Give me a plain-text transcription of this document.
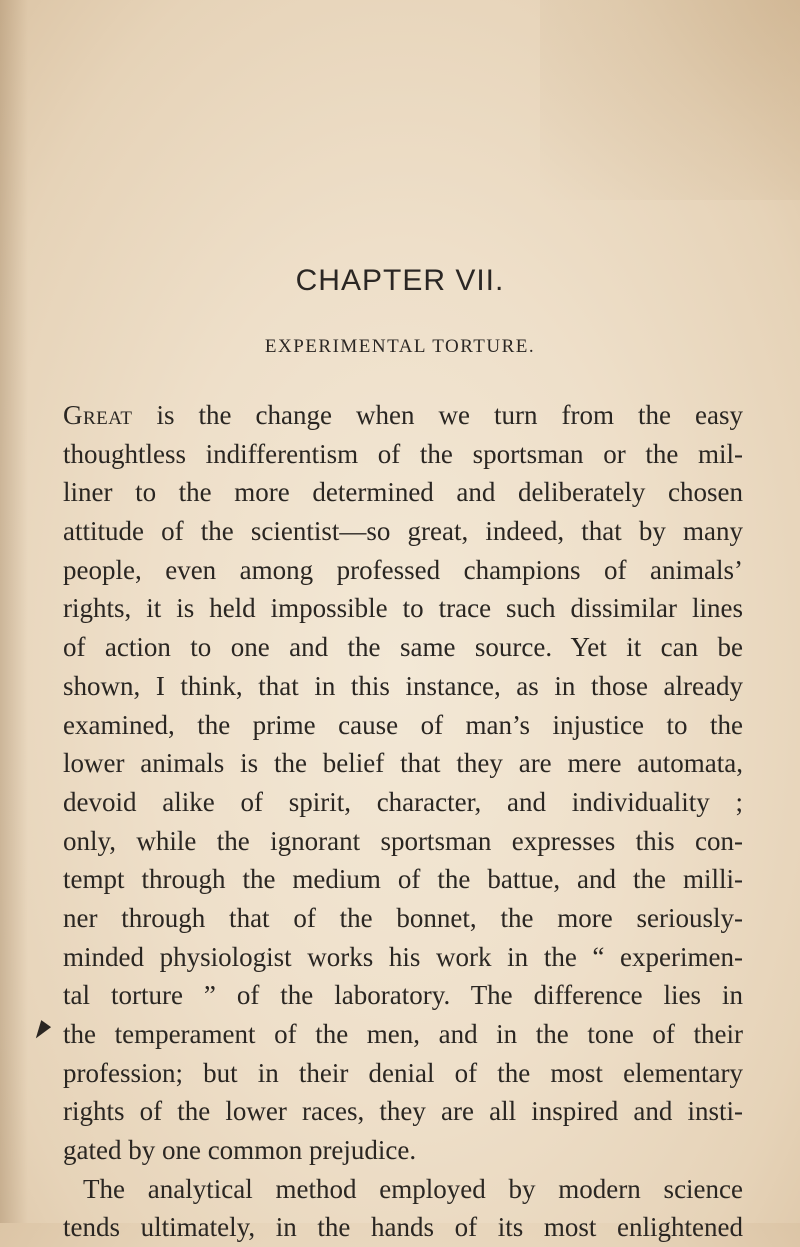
CHAPTER VII.
EXPERIMENTAL TORTURE.
Great is the change when we turn from the easy
thoughtless indifferentism of the sportsman or the mil-
liner to the more determined and deliberately chosen
attitude of the scientist—so great, indeed, that by many
people, even among professed champions of animals’
rights, it is held impossible to trace such dissimilar lines
of action to one and the same source. Yet it can be
shown, I think, that in this instance, as in those already
examined, the prime cause of man’s injustice to the
lower animals is the belief that they are mere automata,
devoid alike of spirit, character, and individuality ;
only, while the ignorant sportsman expresses this con-
tempt through the medium of the battue, and the milli-
ner through that of the bonnet, the more seriously-
minded physiologist works his work in the “ experimen-
tal torture ” of the laboratory. The difference lies in
the temperament of the men, and in the tone of their
profession; but in their denial of the most elementary
rights of the lower races, they are all inspired and insti-
gated by one common prejudice.
The analytical method employed by modern science
tends ultimately, in the hands of its most enlightened
